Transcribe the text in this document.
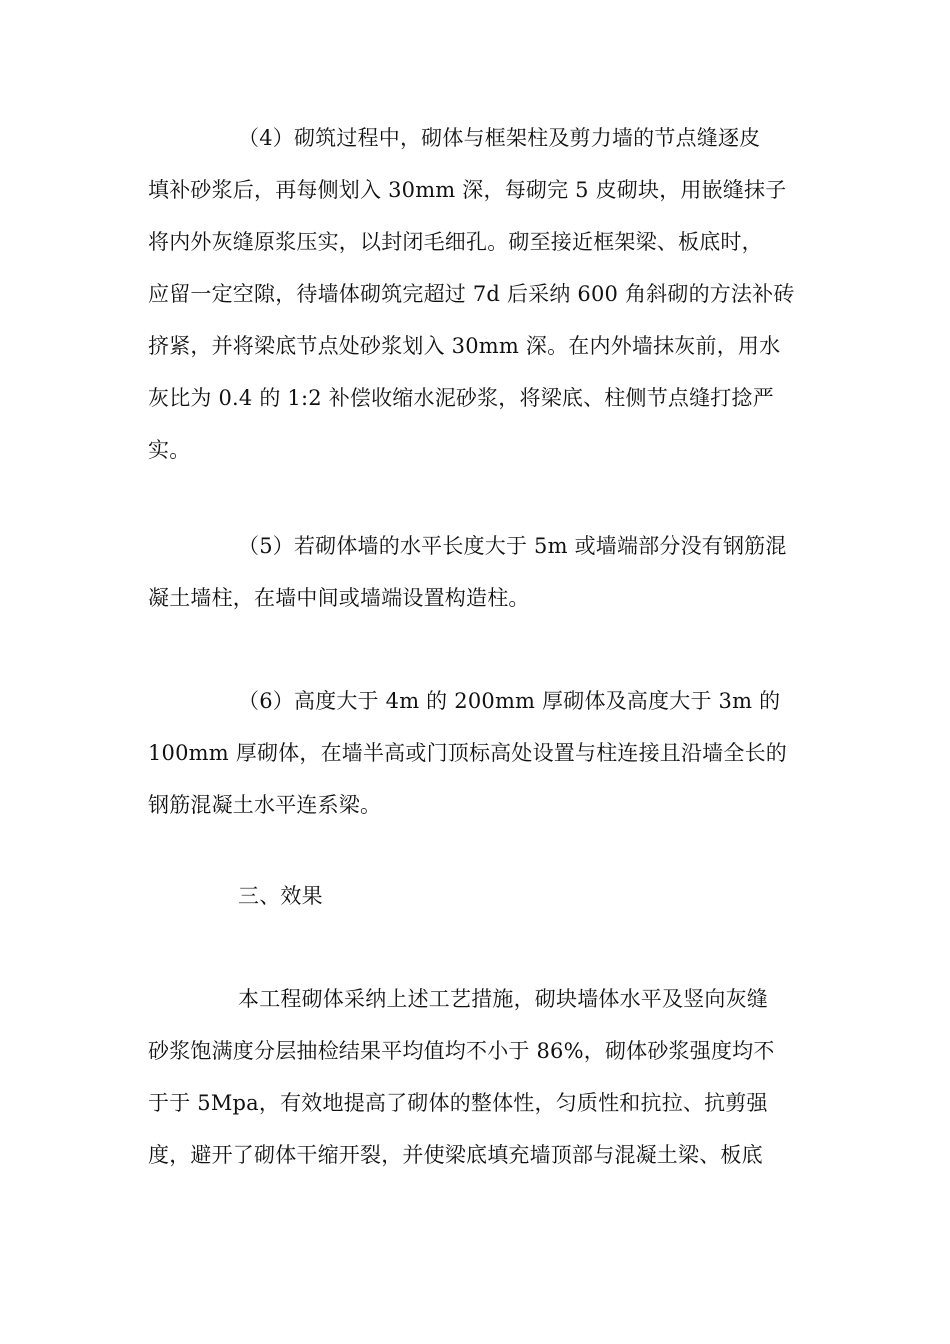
（4）砌筑过程中，砌体与框架柱及剪力墙的节点缝逐皮
填补砂浆后，再每侧划入 30mm 深，每砌完 5 皮砌块，用嵌缝抹子
将内外灰缝原浆压实，以封闭毛细孔。砌至接近框架梁、板底时，
应留一定空隙，待墙体砌筑完超过 7d 后采纳 600 角斜砌的方法补砖
挤紧，并将梁底节点处砂浆划入 30mm 深。在内外墙抹灰前，用水
灰比为 0.4 的 1:2 补偿收缩水泥砂浆，将梁底、柱侧节点缝打捻严
实。

（5）若砌体墙的水平长度大于 5m 或墙端部分没有钢筋混
凝土墙柱，在墙中间或墙端设置构造柱。

（6）高度大于 4m 的 200mm 厚砌体及高度大于 3m 的
100mm 厚砌体，在墙半高或门顶标高处设置与柱连接且沿墙全长的
钢筋混凝土水平连系梁。

三、效果

本工程砌体采纳上述工艺措施，砌块墙体水平及竖向灰缝
砂浆饱满度分层抽检结果平均值均不小于 86%，砌体砂浆强度均不
于于 5Mpa，有效地提高了砌体的整体性，匀质性和抗拉、抗剪强
度，避开了砌体干缩开裂，并使梁底填充墙顶部与混凝土梁、板底
